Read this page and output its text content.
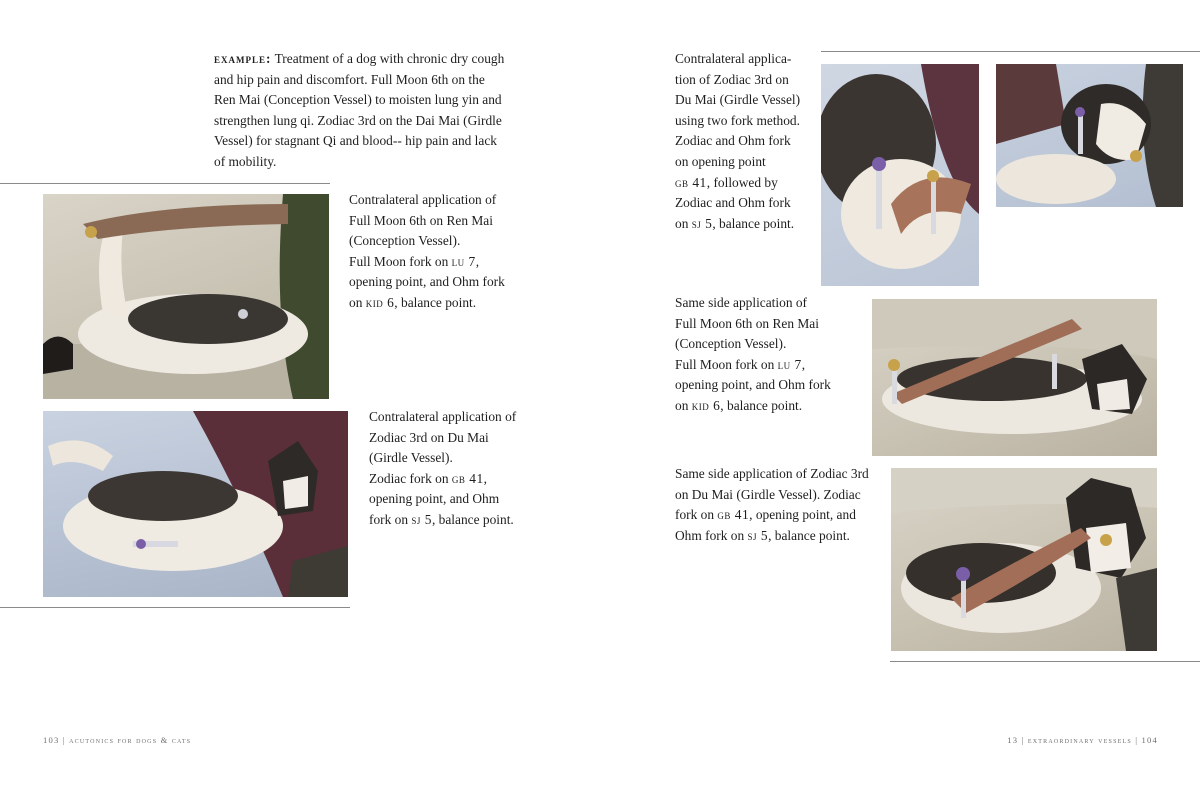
example: Treatment of a dog with chronic dry cough
and hip pain and discomfort. Full Moon 6th on the
Ren Mai (Conception Vessel) to moisten lung yin and
strengthen lung qi. Zodiac 3rd on the Dai Mai (Girdle
Vessel) for stagnant Qi and blood-- hip pain and lack
of mobility.
Contralateral application of
Full Moon 6th on Ren Mai
(Conception Vessel).
Full Moon fork on lu 7,
opening point, and Ohm fork
on kid 6, balance point.
Contralateral application of
Zodiac 3rd on Du Mai
(Girdle Vessel).
Zodiac fork on gb 41,
opening point, and Ohm
fork on sj 5, balance point.
103 | acutonics for dogs & cats
Contralateral applica-
tion of Zodiac 3rd on
Du Mai (Girdle Vessel)
using two fork method.
Zodiac and Ohm fork
on opening point
gb 41, followed by
Zodiac and Ohm fork
on sj 5, balance point.
Same side application of
Full Moon 6th on Ren Mai
(Conception Vessel).
Full Moon fork on lu 7,
opening point, and Ohm fork
on kid 6, balance point.
Same side application of Zodiac 3rd
on Du Mai (Girdle Vessel). Zodiac
fork on gb 41, opening point, and
Ohm fork on sj 5, balance point.
13 | extraordinary vessels | 104
